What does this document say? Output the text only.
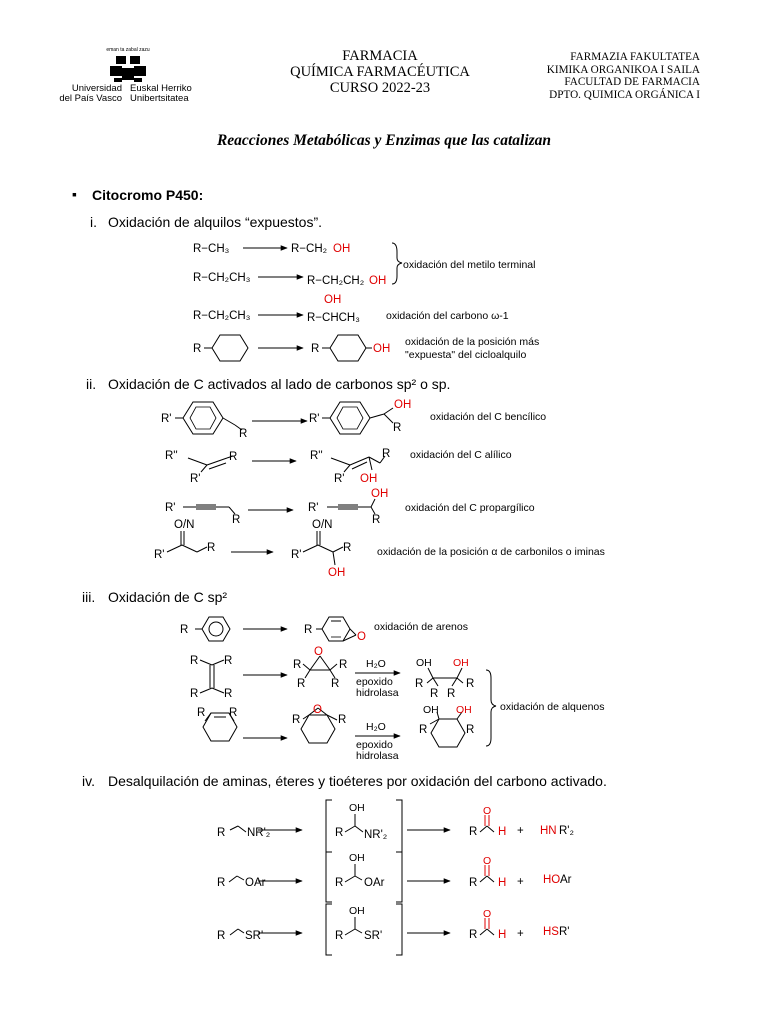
eman ta zabal zazu
Universidad
del País Vasco
Euskal Herriko
Unibertsitatea
FARMACIA
QUÍMICA FARMACÉUTICA
CURSO 2022-23
FARMAZIA FAKULTATEA
KIMIKA ORGANIKOA I SAILA
FACULTAD DE FARMACIA
DPTO. QUIMICA ORGÁNICA I
Reacciones Metabólicas y Enzimas que las catalizan
▪ Citocromo P450:
i. Oxidación de alquilos “expuestos”.
ii. Oxidación de C activados al lado de carbonos sp² o sp.
iii. Oxidación de C sp²
iv. Desalquilación de aminas, éteres y tioéteres por oxidación del carbono activado.
R−CH₃	R−CH₂ OH
R−CH₂CH₃	R−CH₂CH₂ OH
R−CH₂CH₃
OH
R−CHCH₃
R	R	OH
oxidación del metilo terminal
oxidación del carbono ω-1
oxidación de la posición más
"expuesta" del cicloalquilo
R'
R
R'
OH
R
oxidación del C bencílico
R''	R
R'
R''	R
R' OH
oxidación del C alílico
R'
R
R'
OH
R
oxidación del C propargílico
O/N
R'
R
O/N
R'
R
OH
oxidación de la posición α de carbonilos o iminas
R	R
O
oxidación de arenos
R R
R R
O
R	R
R R
H₂O
epoxido
hidrolasa
OH OH
R	R
R R
R R	O
R	R
H₂O
epoxido
hidrolasa
OH OH
R	R
oxidación de alquenos
R NR'₂
OH
R NR'₂	R
O
H + HN R'₂
R OAr
OH
R OAr	R
O
H + HO Ar
R SR'
OH
R SR'	R
O
H + HS R'
